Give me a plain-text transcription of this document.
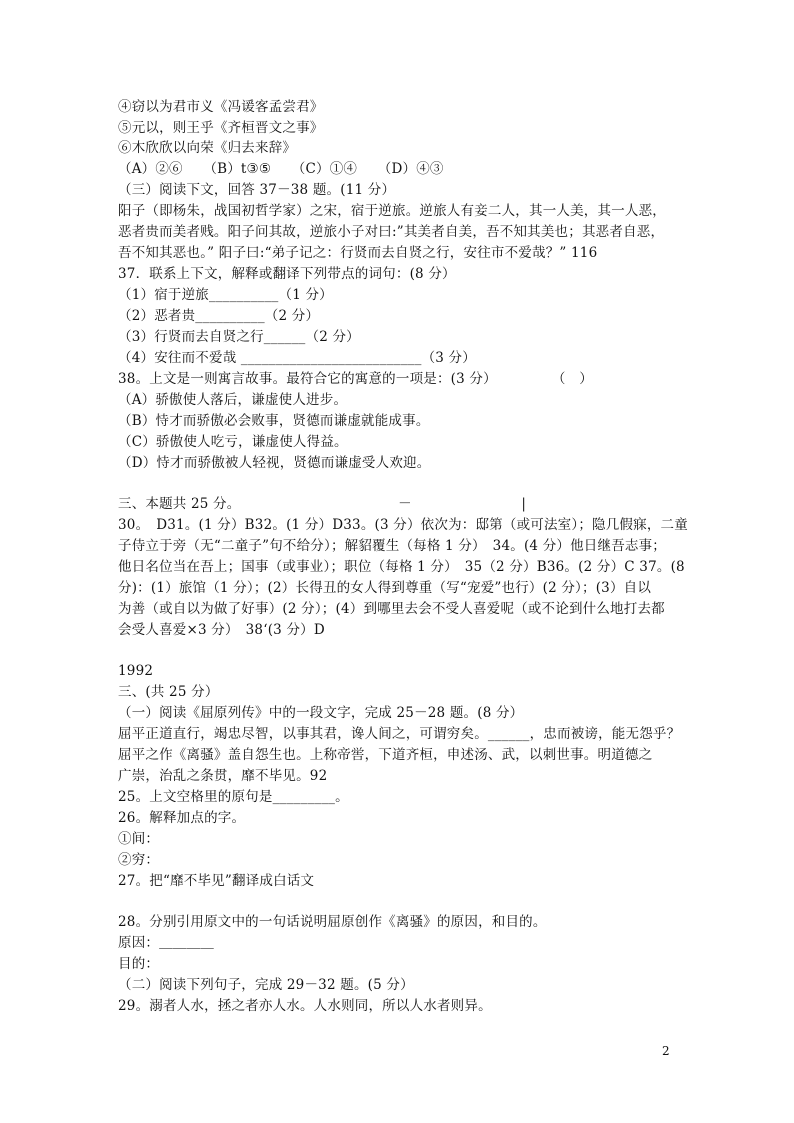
④窃以为君市义《冯谖客孟尝君》
⑤元以，则王乎《齐桓晋文之事》
⑥木欣欣以向荣《归去来辞》
（A）②⑥　　（B）t③⑤　　（C）①④　　（D）④③
（三）阅读下文，回答 37－38 题。(11 分）
阳子（即杨朱，战国初哲学家）之宋，宿于逆旅。逆旅人有妾二人，其一人美，其一人恶，
恶者贵而美者贱。阳子问其故，逆旅小子对曰:”其美者自美，吾不知其美也；其恶者自恶，
吾不知其恶也。” 阳子曰:“弟子记之：行贤而去自贤之行，安往市不爱哉？” 116
37．联系上下文，解释或翻译下列带点的词句：(8 分）
（1）宿于逆旅__________（1 分）
（2）恶者贵__________（2 分）
（3）行贤而去自贤之行______（2 分）
（4）安往而不爱哉 __________________________（3 分）
38。上文是一则寓言故事。最符合它的寓意的一项是：(3 分）　　　　　（　）
（A）骄傲使人落后，谦虚使人进步。
（B）恃才而骄傲必会败事，贤德而谦虚就能成事。
（C）骄傲使人吃亏，谦虚使人得益。
（D）恃才而骄傲被人轻视，贤德而谦虚受人欢迎。
三、本题共 25 分。　　　　　　　　　　　　－　　　　　　　　|
30。　D31。(1 分）B32。(1 分）D33。(3 分）依次为：邸第（或可法室）；隐几假寐，二童
子侍立于旁（无“二童子”句不给分）；解貂覆生（每格 1 分）　34。(4 分）他日继吾志事；
他日名位当在吾上；国事（或事业）；职位（每格 1 分）　35（2 分）B36。(2 分）C 37。(8
分)：(1）旅馆（1 分）；(2）长得丑的女人得到尊重（写“宠爱”也行）(2 分）；(3）自以
为善（或自以为做了好事）(2 分）；(4）到哪里去会不受人喜爱呢（或不论到什么地打去都
会受人喜爱×3 分）　38‘(3 分）D
1992
三、(共 25 分）
（一）阅读《屈原列传》中的一段文字，完成 25－28 题。(8 分）
屈平正道直行，竭忠尽智，以事其君，谗人间之，可谓穷矣。______，忠而被谤，能无怨乎？
屈平之作《离骚》盖自怨生也。上称帝喾，下道齐桓，申述汤、武，以刺世事。明道德之
广崇，治乱之条贯，靡不毕见。92
25。上文空格里的原句是_________。
26。解释加点的字。
①间：
②穷：
27。把“靡不毕见”翻译成白话文
28。分别引用原文中的一句话说明屈原创作《离骚》的原因，和目的。
原因：＿＿＿＿
目的：
（二）阅读下列句子，完成 29－32 题。(5 分）
29。溺者人水，拯之者亦人水。人水则同，所以人水者则异。
2
